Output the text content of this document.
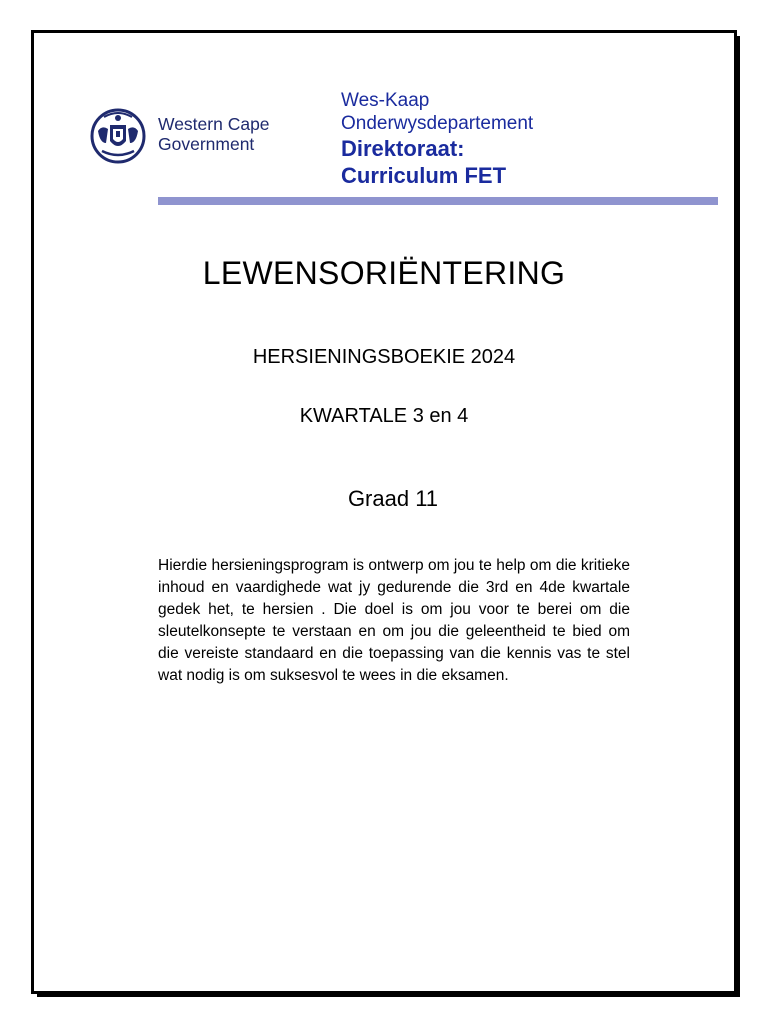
Western Cape
Government
Wes-Kaap
Onderwysdepartement
Direktoraat:
Curriculum FET
LEWENSORIËNTERING
HERSIENINGSBOEKIE 2024
KWARTALE 3 en 4
Graad 11
Hierdie hersieningsprogram is ontwerp om jou te help om die kritieke inhoud en vaardighede wat jy gedurende die 3rd en 4de kwartale gedek het, te hersien . Die doel is om jou voor te berei om die sleutelkonsepte te verstaan en om jou die geleentheid te bied om die vereiste standaard en die toepassing van die kennis vas te stel wat nodig is om suksesvol te wees in die eksamen.
